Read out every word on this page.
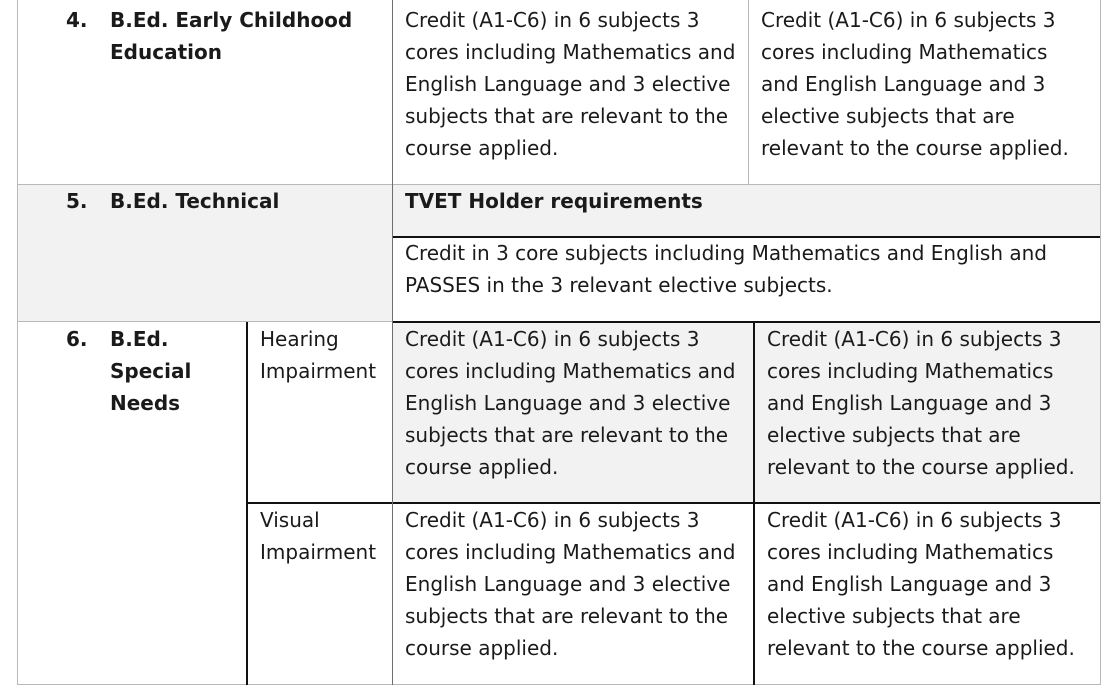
4. B.Ed. Early Childhood Education
Credit (A1-C6) in 6 subjects 3 cores including Mathematics and English Language and 3 elective subjects that are relevant to the course applied.
Credit (A1-C6) in 6 subjects 3 cores including Mathematics and English Language and 3 elective subjects that are relevant to the course applied.
5. B.Ed. Technical	TVET Holder requirements
Credit in 3 core subjects including Mathematics and English and PASSES in the 3 relevant elective subjects.
6. B.Ed. Special Needs
Hearing Impairment
Credit (A1-C6) in 6 subjects 3 cores including Mathematics and English Language and 3 elective subjects that are relevant to the course applied.
Credit (A1-C6) in 6 subjects 3 cores including Mathematics and English Language and 3 elective subjects that are relevant to the course applied.
Visual Impairment
Credit (A1-C6) in 6 subjects 3 cores including Mathematics and English Language and 3 elective subjects that are relevant to the course applied.
Credit (A1-C6) in 6 subjects 3 cores including Mathematics and English Language and 3 elective subjects that are relevant to the course applied.
